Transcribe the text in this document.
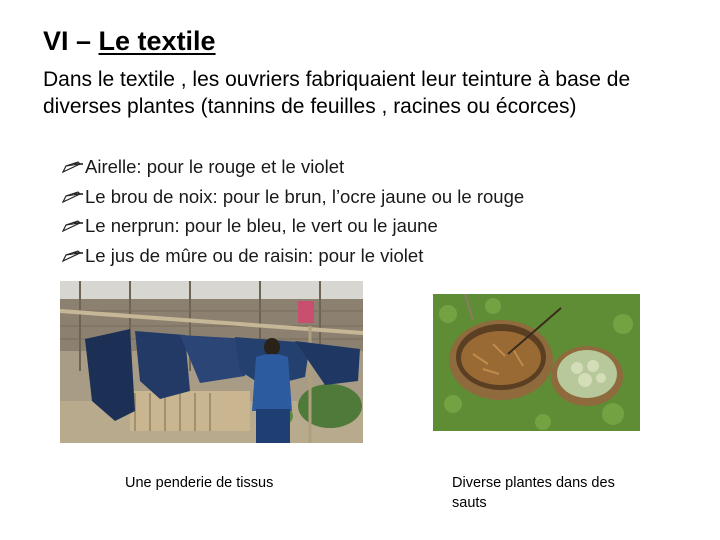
VI – Le textile
Dans le textile , les ouvriers fabriquaient leur teinture à base de diverses plantes (tannins de feuilles , racines ou écorces)
Airelle: pour le rouge et le violet
Le brou de noix: pour le brun, l’ocre jaune ou le rouge
Le nerprun: pour le bleu, le vert ou le jaune
Le jus de mûre ou de raisin: pour le violet
Une penderie de tissus	Diverse plantes dans des sauts
